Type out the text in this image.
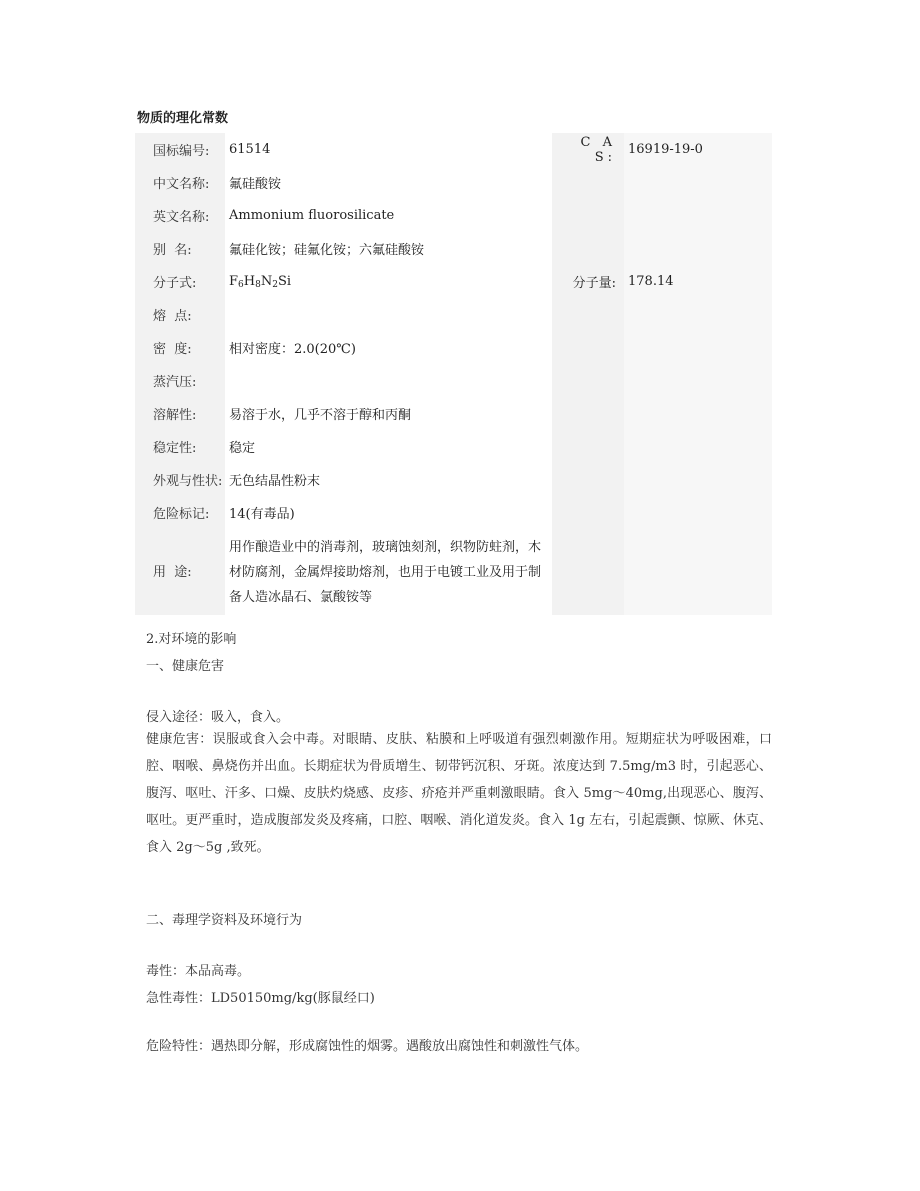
物质的理化常数
国标编号:	61514	C A S:	16919-19-0
中文名称:	氟硅酸铵		
英文名称:	Ammonium fluorosilicate		
别  名:	氟硅化铵；硅氟化铵；六氟硅酸铵		
分子式:	$F_6H_8N_2Si$	分子量:	178.14
熔  点:			
密  度:	相对密度：2.0(20℃)		
蒸汽压:			
溶解性:	易溶于水，几乎不溶于醇和丙酮		
稳定性:	稳定		
外观与性状:	无色结晶性粉末		
危险标记:	14(有毒品)		
用  途:	用作酿造业中的消毒剂，玻璃蚀刻剂，织物防蛀剂，木材防腐剂，金属焊接助熔剂，也用于电镀工业及用于制备人造冰晶石、氯酸铵等		
2.对环境的影响
一、健康危害
侵入途径：吸入，食入。
健康危害：误服或食入会中毒。对眼睛、皮肤、粘膜和上呼吸道有强烈刺激作用。短期症状为呼吸困难，口腔、咽喉、鼻烧伤并出血。长期症状为骨质增生、韧带钙沉积、牙斑。浓度达到 7.5mg/m3 时，引起恶心、腹泻、呕吐、汗多、口燥、皮肤灼烧感、皮疹、疥疮并严重刺激眼睛。食入 5mg～40mg,出现恶心、腹泻、呕吐。更严重时，造成腹部发炎及疼痛，口腔、咽喉、消化道发炎。食入 1g 左右，引起震颤、惊厥、休克、食入 2g～5g ,致死。
二、毒理学资料及环境行为
毒性：本品高毒。
急性毒性：LD50150mg/kg(豚鼠经口)
危险特性：遇热即分解，形成腐蚀性的烟雾。遇酸放出腐蚀性和刺激性气体。
